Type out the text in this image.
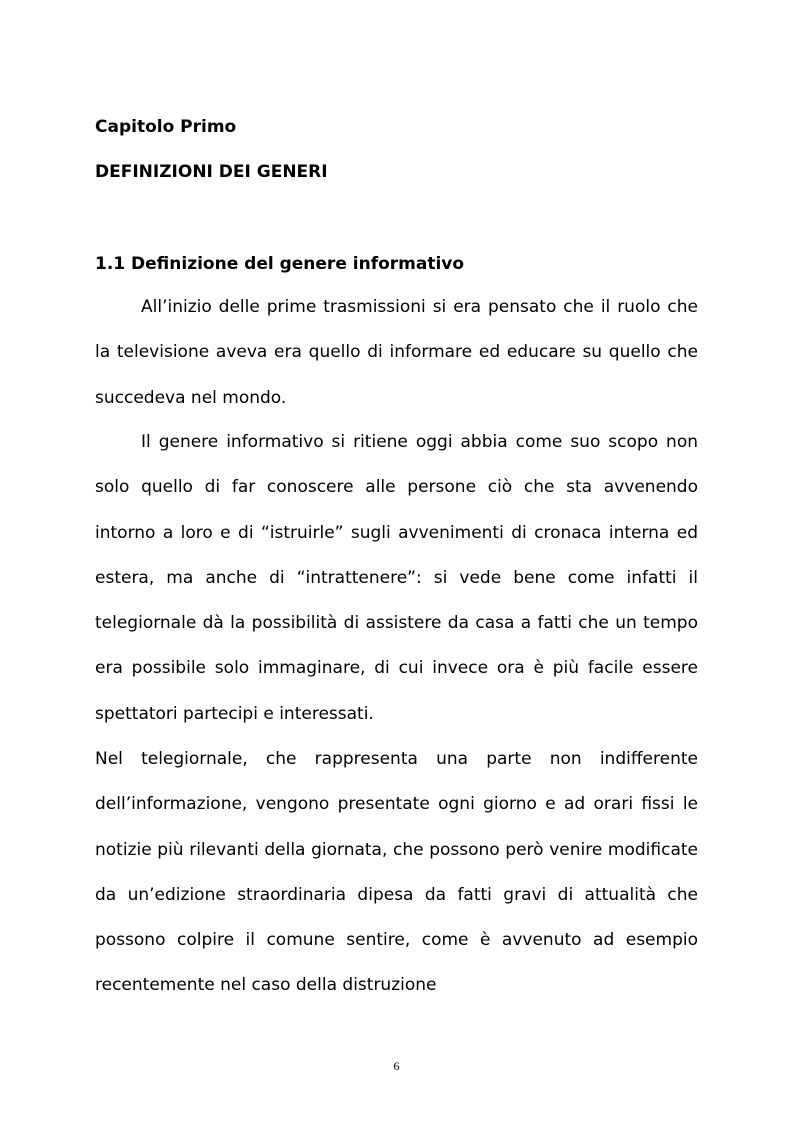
Capitolo Primo
DEFINIZIONI DEI GENERI
1.1 Definizione del genere informativo

All’inizio delle prime trasmissioni si era pensato che il ruolo che la televisione aveva era quello di informare ed educare su quello che succedeva nel mondo.

Il genere informativo si ritiene oggi abbia come suo scopo non solo quello di far conoscere alle persone ciò che sta avvenendo intorno a loro e di “istruirle” sugli avvenimenti di cronaca interna ed estera, ma anche di “intrattenere”: si vede bene come infatti il telegiornale dà la possibilità di assistere da casa a fatti che un tempo era possibile solo immaginare, di cui invece ora è più facile essere spettatori partecipi e interessati.

Nel telegiornale, che rappresenta una parte non indifferente dell’informazione, vengono presentate ogni giorno e ad orari fissi le notizie più rilevanti della giornata, che possono però venire modificate da un’edizione straordinaria dipesa da fatti gravi di attualità che possono colpire il comune sentire, come è avvenuto ad esempio recentemente nel caso della distruzione

6
